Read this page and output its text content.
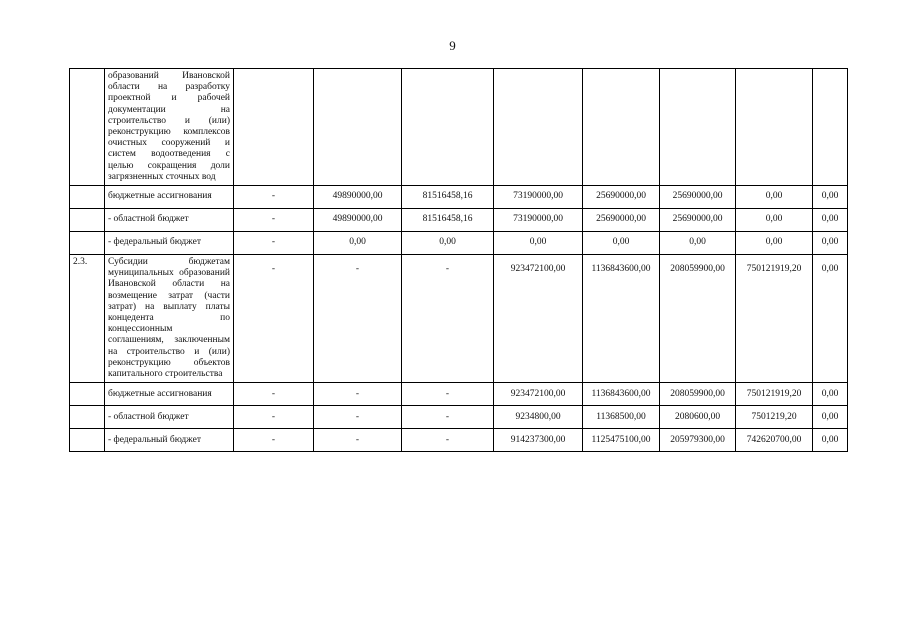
9
	образований Ивановской области на разработку проектной и рабочей документации на строительство и (или) реконструкцию комплексов очистных сооружений и систем водоотведения с целью сокращения доли загрязненных сточных вод								
	бюджетные ассигнования	-	49890000,00	81516458,16	73190000,00	25690000,00	25690000,00	0,00	0,00
	- областной бюджет	-	49890000,00	81516458,16	73190000,00	25690000,00	25690000,00	0,00	0,00
	- федеральный бюджет	-	0,00	0,00	0,00	0,00	0,00	0,00	0,00
2.3.	Субсидии бюджетам муниципальных образований Ивановской области на возмещение затрат (части затрат) на выплату платы концедента по концессионным соглашениям, заключенным на строительство и (или) реконструкцию объектов капитального строительства	-	-	-	923472100,00	1136843600,00	208059900,00	750121919,20	0,00
	бюджетные ассигнования	-	-	-	923472100,00	1136843600,00	208059900,00	750121919,20	0,00
	- областной бюджет	-	-	-	9234800,00	11368500,00	2080600,00	7501219,20	0,00
	- федеральный бюджет	-	-	-	914237300,00	1125475100,00	205979300,00	742620700,00	0,00
